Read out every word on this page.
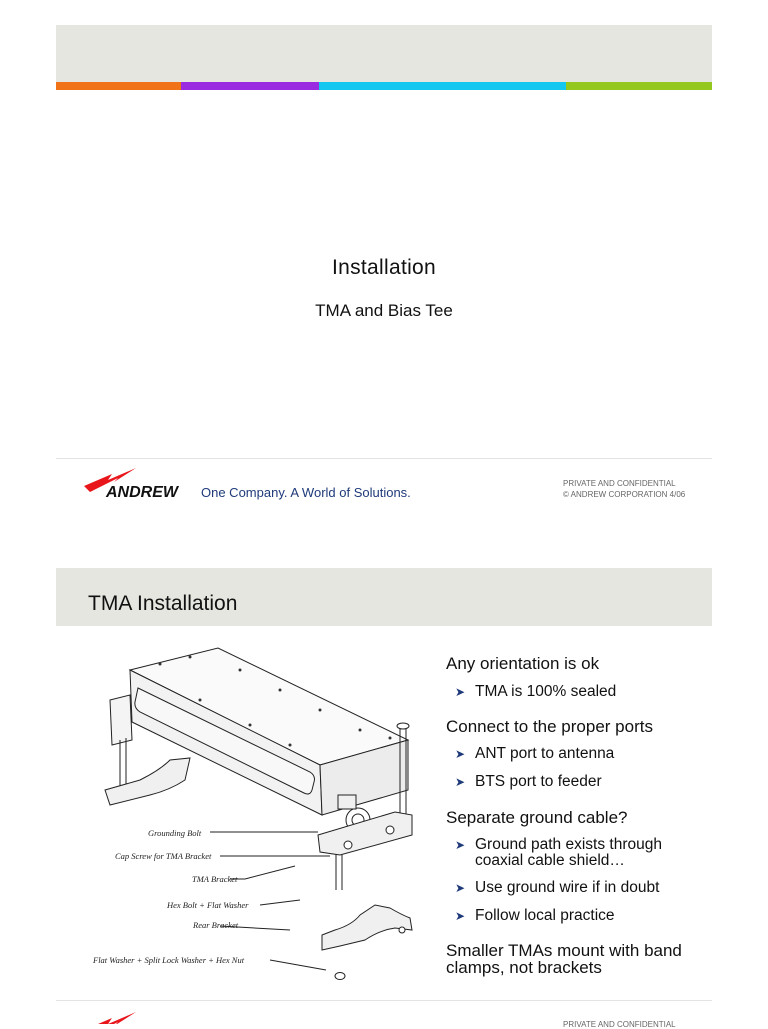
Installation
TMA and Bias Tee
ANDREW One Company. A World of Solutions.
PRIVATE AND CONFIDENTIAL
© ANDREW CORPORATION 4/06
TMA Installation
Grounding Bolt
Cap Screw for TMA Bracket
TMA Bracket
Hex Bolt + Flat Washer
Rear Bracket
Flat Washer + Split Lock Washer + Hex Nut
Any orientation is ok
➤ TMA is 100% sealed
Connect to the proper ports
➤ ANT port to antenna
➤ BTS port to feeder
Separate ground cable?
➤ Ground path exists through coaxial cable shield…
➤ Use ground wire if in doubt
➤ Follow local practice
Smaller TMAs mount with band clamps, not brackets
PRIVATE AND CONFIDENTIAL
